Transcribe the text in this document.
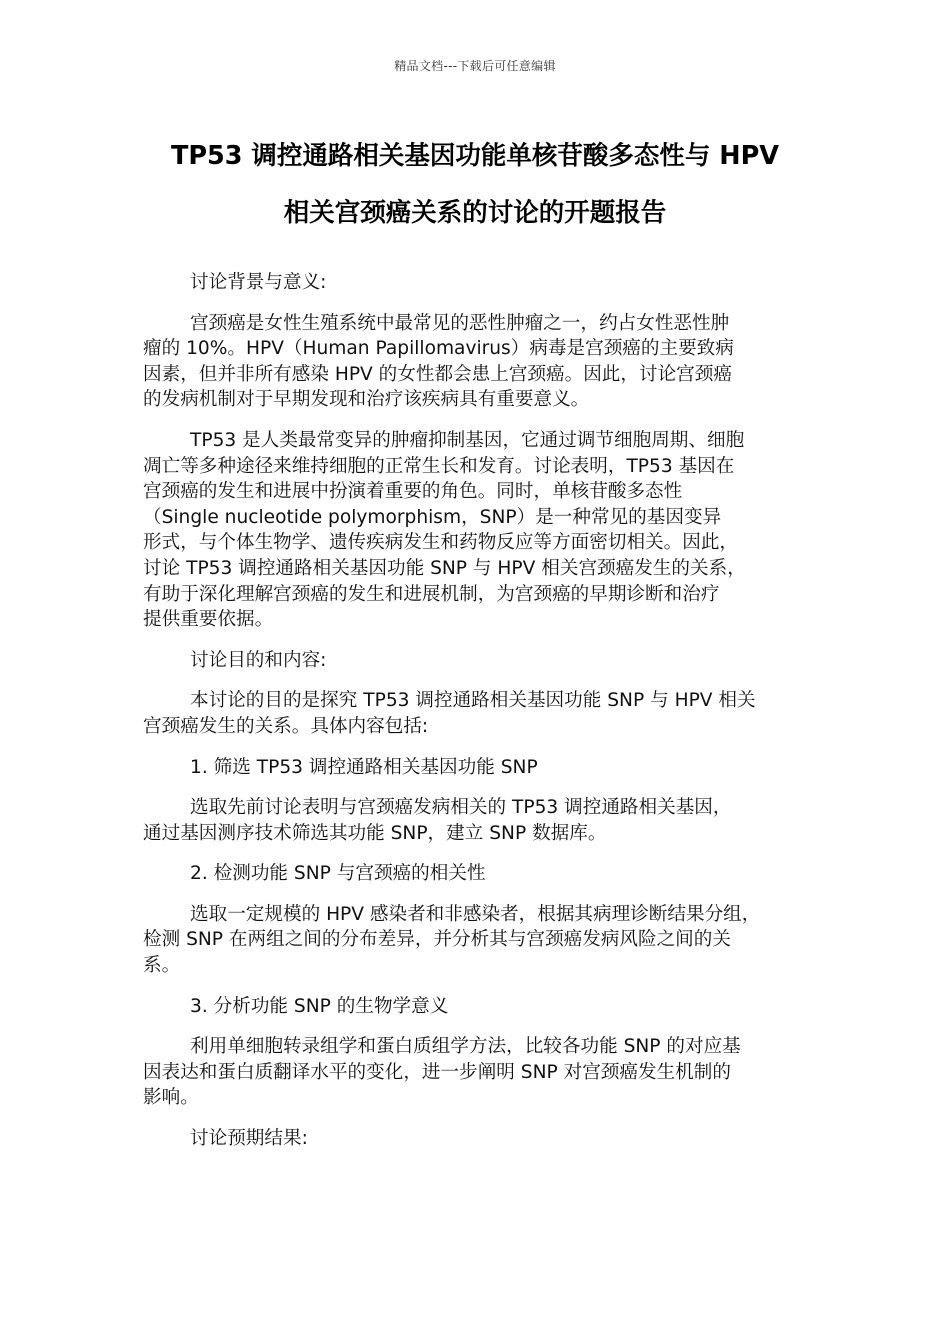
精品文档---下载后可任意编辑
TP53 调控通路相关基因功能单核苷酸多态性与 HPV
相关宫颈癌关系的讨论的开题报告
讨论背景与意义:
宫颈癌是女性生殖系统中最常见的恶性肿瘤之一，约占女性恶性肿
瘤的 10%。HPV（Human Papillomavirus）病毒是宫颈癌的主要致病
因素，但并非所有感染 HPV 的女性都会患上宫颈癌。因此，讨论宫颈癌
的发病机制对于早期发现和治疗该疾病具有重要意义。
TP53 是人类最常变异的肿瘤抑制基因，它通过调节细胞周期、细胞
凋亡等多种途径来维持细胞的正常生长和发育。讨论表明，TP53 基因在
宫颈癌的发生和进展中扮演着重要的角色。同时，单核苷酸多态性
（Single nucleotide polymorphism，SNP）是一种常见的基因变异
形式，与个体生物学、遗传疾病发生和药物反应等方面密切相关。因此，
讨论 TP53 调控通路相关基因功能 SNP 与 HPV 相关宫颈癌发生的关系，
有助于深化理解宫颈癌的发生和进展机制，为宫颈癌的早期诊断和治疗
提供重要依据。
讨论目的和内容:
本讨论的目的是探究 TP53 调控通路相关基因功能 SNP 与 HPV 相关
宫颈癌发生的关系。具体内容包括:
1. 筛选 TP53 调控通路相关基因功能 SNP
选取先前讨论表明与宫颈癌发病相关的 TP53 调控通路相关基因，
通过基因测序技术筛选其功能 SNP，建立 SNP 数据库。
2. 检测功能 SNP 与宫颈癌的相关性
选取一定规模的 HPV 感染者和非感染者，根据其病理诊断结果分组，
检测 SNP 在两组之间的分布差异，并分析其与宫颈癌发病风险之间的关
系。
3. 分析功能 SNP 的生物学意义
利用单细胞转录组学和蛋白质组学方法，比较各功能 SNP 的对应基
因表达和蛋白质翻译水平的变化，进一步阐明 SNP 对宫颈癌发生机制的
影响。
讨论预期结果:
